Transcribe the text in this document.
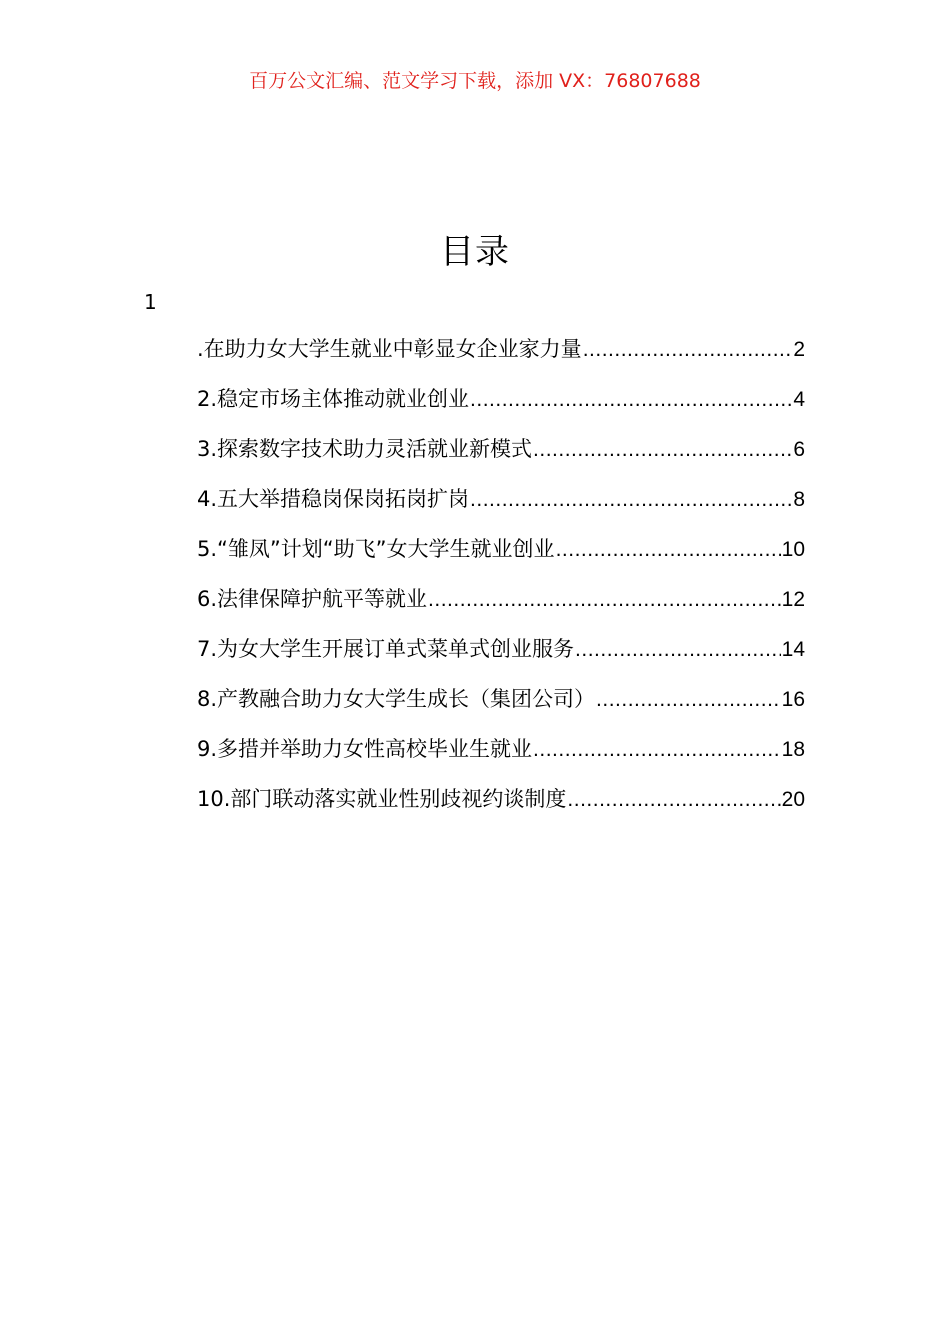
百万公文汇编、范文学习下载，添加 VX：76807688
目录
1
.在助力女大学生就业中彰显女企业家力量 .....	2
2.稳定市场主体推动就业创业 .....	4
3.探索数字技术助力灵活就业新模式 .....	6
4.五大举措稳岗保岗拓岗扩岗 .....	8
5.“雏凤”计划“助飞”女大学生就业创业 .....	10
6.法律保障护航平等就业 .....	12
7.为女大学生开展订单式菜单式创业服务 .....	14
8.产教融合助力女大学生成长（集团公司） .....	16
9.多措并举助力女性高校毕业生就业 .....	18
10.部门联动落实就业性别歧视约谈制度 .....	20
